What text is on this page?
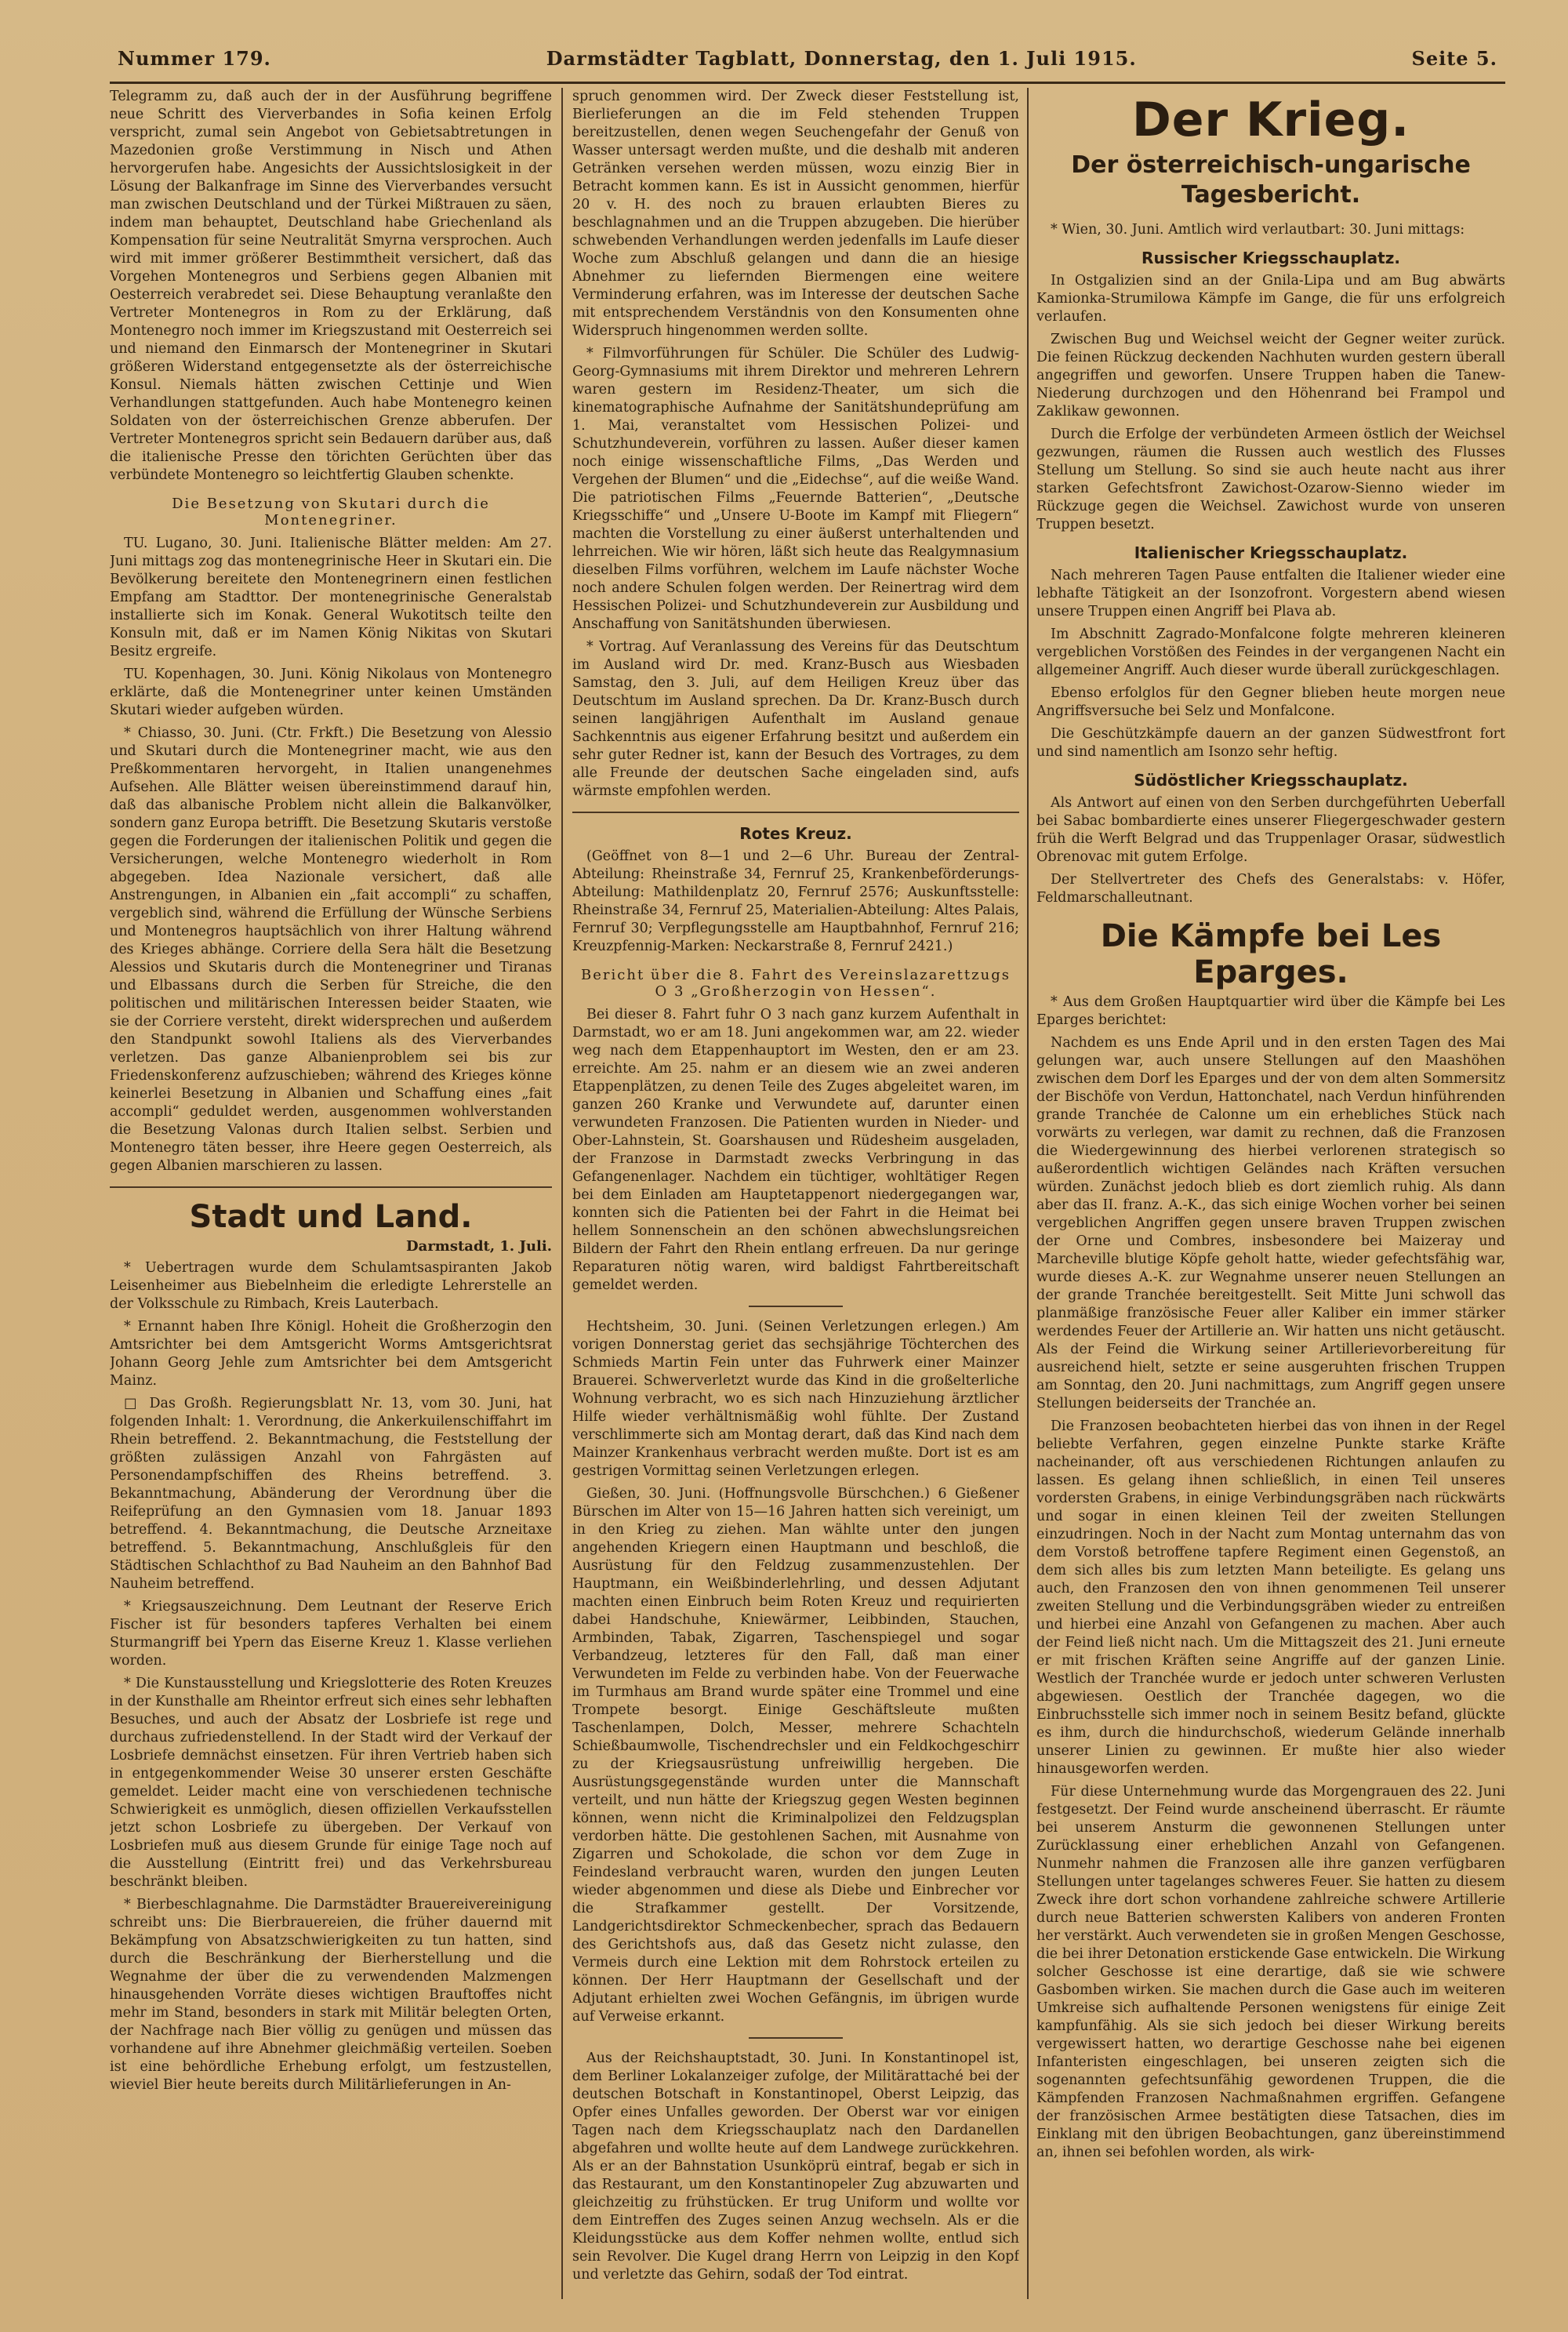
Nummer 179.	Darmstädter Tagblatt, Donnerstag, den 1. Juli 1915.	Seite 5.

Telegramm zu, daß auch der in der Ausführung begriffene neue Schritt des Vierverbandes in Sofia keinen Erfolg verspricht, zumal sein Angebot von Gebietsabtretungen in Mazedonien große Verstimmung in Nisch und Athen hervorgerufen habe. Angesichts der Aussichtslosigkeit in der Lösung der Balkanfrage im Sinne des Vierverbandes versucht man zwischen Deutschland und der Türkei Mißtrauen zu säen, indem man behauptet, Deutschland habe Griechenland als Kompensation für seine Neutralität Smyrna versprochen. Auch wird mit immer größerer Bestimmtheit versichert, daß das Vorgehen Montenegros und Serbiens gegen Albanien mit Oesterreich verabredet sei. Diese Behauptung veranlaßte den Vertreter Montenegros in Rom zu der Erklärung, daß Montenegro noch immer im Kriegszustand mit Oesterreich sei und niemand den Einmarsch der Montenegriner in Skutari größeren Widerstand entgegensetzte als der österreichische Konsul. Niemals hätten zwischen Cettinje und Wien Verhandlungen stattgefunden. Auch habe Montenegro keinen Soldaten von der österreichischen Grenze abberufen. Der Vertreter Montenegros spricht sein Bedauern darüber aus, daß die italienische Presse den törichten Gerüchten über das verbündete Montenegro so leichtfertig Glauben schenkte.

Die Besetzung von Skutari durch die Montenegriner.

TU. Lugano, 30. Juni. Italienische Blätter melden: Am 27. Juni mittags zog das montenegrinische Heer in Skutari ein. Die Bevölkerung bereitete den Montenegrinern einen festlichen Empfang am Stadttor. Der montenegrinische Generalstab installierte sich im Konak. General Wukotitsch teilte den Konsuln mit, daß er im Namen König Nikitas von Skutari Besitz ergreife.

TU. Kopenhagen, 30. Juni. König Nikolaus von Montenegro erklärte, daß die Montenegriner unter keinen Umständen Skutari wieder aufgeben würden.

* Chiasso, 30. Juni. (Ctr. Frkft.) Die Besetzung von Alessio und Skutari durch die Montenegriner macht, wie aus den Preßkommentaren hervorgeht, in Italien unangenehmes Aufsehen. Alle Blätter weisen übereinstimmend darauf hin, daß das albanische Problem nicht allein die Balkanvölker, sondern ganz Europa betrifft. Die Besetzung Skutaris verstoße gegen die Forderungen der italienischen Politik und gegen die Versicherungen, welche Montenegro wiederholt in Rom abgegeben. Idea Nazionale versichert, daß alle Anstrengungen, in Albanien ein „fait accompli“ zu schaffen, vergeblich sind, während die Erfüllung der Wünsche Serbiens und Montenegros hauptsächlich von ihrer Haltung während des Krieges abhänge. Corriere della Sera hält die Besetzung Alessios und Skutaris durch die Montenegriner und Tiranas und Elbassans durch die Serben für Streiche, die den politischen und militärischen Interessen beider Staaten, wie sie der Corriere versteht, direkt widersprechen und außerdem den Standpunkt sowohl Italiens als des Vierverbandes verletzen. Das ganze Albanienproblem sei bis zur Friedenskonferenz aufzuschieben; während des Krieges könne keinerlei Besetzung in Albanien und Schaffung eines „fait accompli“ geduldet werden, ausgenommen wohlverstanden die Besetzung Valonas durch Italien selbst. Serbien und Montenegro täten besser, ihre Heere gegen Oesterreich, als gegen Albanien marschieren zu lassen.

Stadt und Land.
Darmstadt, 1. Juli.

* Uebertragen wurde dem Schulamtsaspiranten Jakob Leisenheimer aus Biebelnheim die erledigte Lehrerstelle an der Volksschule zu Rimbach, Kreis Lauterbach.

* Ernannt haben Ihre Königl. Hoheit die Großherzogin den Amtsrichter bei dem Amtsgericht Worms Amtsgerichtsrat Johann Georg Jehle zum Amtsrichter bei dem Amtsgericht Mainz.

□ Das Großh. Regierungsblatt Nr. 13, vom 30. Juni, hat folgenden Inhalt: 1. Verordnung, die Ankerkuilenschiffahrt im Rhein betreffend. 2. Bekanntmachung, die Feststellung der größten zulässigen Anzahl von Fahrgästen auf Personendampfschiffen des Rheins betreffend. 3. Bekanntmachung, Abänderung der Verordnung über die Reifeprüfung an den Gymnasien vom 18. Januar 1893 betreffend. 4. Bekanntmachung, die Deutsche Arzneitaxe betreffend. 5. Bekanntmachung, Anschlußgleis für den Städtischen Schlachthof zu Bad Nauheim an den Bahnhof Bad Nauheim betreffend.

* Kriegsauszeichnung. Dem Leutnant der Reserve Erich Fischer ist für besonders tapferes Verhalten bei einem Sturmangriff bei Ypern das Eiserne Kreuz 1. Klasse verliehen worden.

* Die Kunstausstellung und Kriegslotterie des Roten Kreuzes in der Kunsthalle am Rheintor erfreut sich eines sehr lebhaften Besuches, und auch der Absatz der Losbriefe ist rege und durchaus zufriedenstellend. In der Stadt wird der Verkauf der Losbriefe demnächst einsetzen. Für ihren Vertrieb haben sich in entgegenkommender Weise 30 unserer ersten Geschäfte gemeldet. Leider macht eine von verschiedenen technische Schwierigkeit es unmöglich, diesen offiziellen Verkaufsstellen jetzt schon Losbriefe zu übergeben. Der Verkauf von Losbriefen muß aus diesem Grunde für einige Tage noch auf die Ausstellung (Eintritt frei) und das Verkehrsbureau beschränkt bleiben.

* Bierbeschlagnahme. Die Darmstädter Brauereivereinigung schreibt uns: Die Bierbrauereien, die früher dauernd mit Bekämpfung von Absatzschwierigkeiten zu tun hatten, sind durch die Beschränkung der Bierherstellung und die Wegnahme der über die zu verwendenden Malzmengen hinausgehenden Vorräte dieses wichtigen Brauftoffes nicht mehr im Stand, besonders in stark mit Militär belegten Orten, der Nachfrage nach Bier völlig zu genügen und müssen das vorhandene auf ihre Abnehmer gleichmäßig verteilen. Soeben ist eine behördliche Erhebung erfolgt, um festzustellen, wieviel Bier heute bereits durch Militärlieferungen in An-

spruch genommen wird. Der Zweck dieser Feststellung ist, Bierlieferungen an die im Feld stehenden Truppen bereitzustellen, denen wegen Seuchengefahr der Genuß von Wasser untersagt werden mußte, und die deshalb mit anderen Getränken versehen werden müssen, wozu einzig Bier in Betracht kommen kann. Es ist in Aussicht genommen, hierfür 20 v. H. des noch zu brauen erlaubten Bieres zu beschlagnahmen und an die Truppen abzugeben. Die hierüber schwebenden Verhandlungen werden jedenfalls im Laufe dieser Woche zum Abschluß gelangen und dann die an hiesige Abnehmer zu liefernden Biermengen eine weitere Verminderung erfahren, was im Interesse der deutschen Sache mit entsprechendem Verständnis von den Konsumenten ohne Widerspruch hingenommen werden sollte.

* Filmvorführungen für Schüler. Die Schüler des Ludwig-Georg-Gymnasiums mit ihrem Direktor und mehreren Lehrern waren gestern im Residenz-Theater, um sich die kinematographische Aufnahme der Sanitätshundeprüfung am 1. Mai, veranstaltet vom Hessischen Polizei- und Schutzhundeverein, vorführen zu lassen. Außer dieser kamen noch einige wissenschaftliche Films, „Das Werden und Vergehen der Blumen“ und die „Eidechse“, auf die weiße Wand. Die patriotischen Films „Feuernde Batterien“, „Deutsche Kriegsschiffe“ und „Unsere U-Boote im Kampf mit Fliegern“ machten die Vorstellung zu einer äußerst unterhaltenden und lehrreichen. Wie wir hören, läßt sich heute das Realgymnasium dieselben Films vorführen, welchem im Laufe nächster Woche noch andere Schulen folgen werden. Der Reinertrag wird dem Hessischen Polizei- und Schutzhundeverein zur Ausbildung und Anschaffung von Sanitätshunden überwiesen.

* Vortrag. Auf Veranlassung des Vereins für das Deutschtum im Ausland wird Dr. med. Kranz-Busch aus Wiesbaden Samstag, den 3. Juli, auf dem Heiligen Kreuz über das Deutschtum im Ausland sprechen. Da Dr. Kranz-Busch durch seinen langjährigen Aufenthalt im Ausland genaue Sachkenntnis aus eigener Erfahrung besitzt und außerdem ein sehr guter Redner ist, kann der Besuch des Vortrages, zu dem alle Freunde der deutschen Sache eingeladen sind, aufs wärmste empfohlen werden.

Rotes Kreuz.

(Geöffnet von 8—1 und 2—6 Uhr. Bureau der Zentral-Abteilung: Rheinstraße 34, Fernruf 25, Krankenbeförderungs-Abteilung: Mathildenplatz 20, Fernruf 2576; Auskunftsstelle: Rheinstraße 34, Fernruf 25, Materialien-Abteilung: Altes Palais, Fernruf 30; Verpflegungsstelle am Hauptbahnhof, Fernruf 216; Kreuzpfennig-Marken: Neckarstraße 8, Fernruf 2421.)

Bericht über die 8. Fahrt des Vereinslazarettzugs O 3 „Großherzogin von Hessen“.

Bei dieser 8. Fahrt fuhr O 3 nach ganz kurzem Aufenthalt in Darmstadt, wo er am 18. Juni angekommen war, am 22. wieder weg nach dem Etappenhauptort im Westen, den er am 23. erreichte. Am 25. nahm er an diesem wie an zwei anderen Etappenplätzen, zu denen Teile des Zuges abgeleitet waren, im ganzen 260 Kranke und Verwundete auf, darunter einen verwundeten Franzosen. Die Patienten wurden in Nieder- und Ober-Lahnstein, St. Goarshausen und Rüdesheim ausgeladen, der Franzose in Darmstadt zwecks Verbringung in das Gefangenenlager. Nachdem ein tüchtiger, wohltätiger Regen bei dem Einladen am Hauptetappenort niedergegangen war, konnten sich die Patienten bei der Fahrt in die Heimat bei hellem Sonnenschein an den schönen abwechslungsreichen Bildern der Fahrt den Rhein entlang erfreuen. Da nur geringe Reparaturen nötig waren, wird baldigst Fahrtbereitschaft gemeldet werden.

Hechtsheim, 30. Juni. (Seinen Verletzungen erlegen.) Am vorigen Donnerstag geriet das sechsjährige Töchterchen des Schmieds Martin Fein unter das Fuhrwerk einer Mainzer Brauerei. Schwerverletzt wurde das Kind in die großelterliche Wohnung verbracht, wo es sich nach Hinzuziehung ärztlicher Hilfe wieder verhältnismäßig wohl fühlte. Der Zustand verschlimmerte sich am Montag derart, daß das Kind nach dem Mainzer Krankenhaus verbracht werden mußte. Dort ist es am gestrigen Vormittag seinen Verletzungen erlegen.

Gießen, 30. Juni. (Hoffnungsvolle Bürschchen.) 6 Gießener Bürschen im Alter von 15—16 Jahren hatten sich vereinigt, um in den Krieg zu ziehen. Man wählte unter den jungen angehenden Kriegern einen Hauptmann und beschloß, die Ausrüstung für den Feldzug zusammenzustehlen. Der Hauptmann, ein Weißbinderlehrling, und dessen Adjutant machten einen Einbruch beim Roten Kreuz und requirierten dabei Handschuhe, Kniewärmer, Leibbinden, Stauchen, Armbinden, Tabak, Zigarren, Taschenspiegel und sogar Verbandzeug, letzteres für den Fall, daß man einer Verwundeten im Felde zu verbinden habe. Von der Feuerwache im Turmhaus am Brand wurde später eine Trommel und eine Trompete besorgt. Einige Geschäftsleute mußten Taschenlampen, Dolch, Messer, mehrere Schachteln Schießbaumwolle, Tischendrechsler und ein Feldkochgeschirr zu der Kriegsausrüstung unfreiwillig hergeben. Die Ausrüstungsgegenstände wurden unter die Mannschaft verteilt, und nun hätte der Kriegszug gegen Westen beginnen können, wenn nicht die Kriminalpolizei den Feldzugsplan verdorben hätte. Die gestohlenen Sachen, mit Ausnahme von Zigarren und Schokolade, die schon vor dem Zuge in Feindesland verbraucht waren, wurden den jungen Leuten wieder abgenommen und diese als Diebe und Einbrecher vor die Strafkammer gestellt. Der Vorsitzende, Landgerichtsdirektor Schmeckenbecher, sprach das Bedauern des Gerichtshofs aus, daß das Gesetz nicht zulasse, den Vermeis durch eine Lektion mit dem Rohrstock erteilen zu können. Der Herr Hauptmann der Gesellschaft und der Adjutant erhielten zwei Wochen Gefängnis, im übrigen wurde auf Verweise erkannt.

Aus der Reichshauptstadt, 30. Juni. In Konstantinopel ist, dem Berliner Lokalanzeiger zufolge, der Militärattaché bei der deutschen Botschaft in Konstantinopel, Oberst Leipzig, das Opfer eines Unfalles geworden. Der Oberst war vor einigen Tagen nach dem Kriegsschauplatz nach den Dardanellen abgefahren und wollte heute auf dem Landwege zurückkehren. Als er an der Bahnstation Usunköprü eintraf, begab er sich in das Restaurant, um den Konstantinopeler Zug abzuwarten und gleichzeitig zu frühstücken. Er trug Uniform und wollte vor dem Eintreffen des Zuges seinen Anzug wechseln. Als er die Kleidungsstücke aus dem Koffer nehmen wollte, entlud sich sein Revolver. Die Kugel drang Herrn von Leipzig in den Kopf und verletzte das Gehirn, sodaß der Tod eintrat.

Der Krieg.
Der österreichisch-ungarische Tagesbericht.

* Wien, 30. Juni. Amtlich wird verlautbart: 30. Juni mittags:

Russischer Kriegsschauplatz.

In Ostgalizien sind an der Gnila-Lipa und am Bug abwärts Kamionka-Strumilowa Kämpfe im Gange, die für uns erfolgreich verlaufen.

Zwischen Bug und Weichsel weicht der Gegner weiter zurück. Die feinen Rückzug deckenden Nachhuten wurden gestern überall angegriffen und geworfen. Unsere Truppen haben die Tanew-Niederung durchzogen und den Höhenrand bei Frampol und Zaklikaw gewonnen.

Durch die Erfolge der verbündeten Armeen östlich der Weichsel gezwungen, räumen die Russen auch westlich des Flusses Stellung um Stellung. So sind sie auch heute nacht aus ihrer starken Gefechtsfront Zawichost-Ozarow-Sienno wieder im Rückzuge gegen die Weichsel. Zawichost wurde von unseren Truppen besetzt.

Italienischer Kriegsschauplatz.

Nach mehreren Tagen Pause entfalten die Italiener wieder eine lebhafte Tätigkeit an der Isonzofront. Vorgestern abend wiesen unsere Truppen einen Angriff bei Plava ab.

Im Abschnitt Zagrado-Monfalcone folgte mehreren kleineren vergeblichen Vorstößen des Feindes in der vergangenen Nacht ein allgemeiner Angriff. Auch dieser wurde überall zurückgeschlagen.

Ebenso erfolglos für den Gegner blieben heute morgen neue Angriffsversuche bei Selz und Monfalcone.

Die Geschützkämpfe dauern an der ganzen Südwestfront fort und sind namentlich am Isonzo sehr heftig.

Südöstlicher Kriegsschauplatz.

Als Antwort auf einen von den Serben durchgeführten Ueberfall bei Sabac bombardierte eines unserer Fliegergeschwader gestern früh die Werft Belgrad und das Truppenlager Orasar, südwestlich Obrenovac mit gutem Erfolge.

Der Stellvertreter des Chefs des Generalstabs: v. Höfer, Feldmarschalleutnant.

Die Kämpfe bei Les Eparges.

* Aus dem Großen Hauptquartier wird über die Kämpfe bei Les Eparges berichtet:

Nachdem es uns Ende April und in den ersten Tagen des Mai gelungen war, auch unsere Stellungen auf den Maashöhen zwischen dem Dorf les Eparges und der von dem alten Sommersitz der Bischöfe von Verdun, Hattonchatel, nach Verdun hinführenden grande Tranchée de Calonne um ein erhebliches Stück nach vorwärts zu verlegen, war damit zu rechnen, daß die Franzosen die Wiedergewinnung des hierbei verlorenen strategisch so außerordentlich wichtigen Geländes nach Kräften versuchen würden. Zunächst jedoch blieb es dort ziemlich ruhig. Als dann aber das II. franz. A.-K., das sich einige Wochen vorher bei seinen vergeblichen Angriffen gegen unsere braven Truppen zwischen der Orne und Combres, insbesondere bei Maizeray und Marcheville blutige Köpfe geholt hatte, wieder gefechtsfähig war, wurde dieses A.-K. zur Wegnahme unserer neuen Stellungen an der grande Tranchée bereitgestellt. Seit Mitte Juni schwoll das planmäßige französische Feuer aller Kaliber ein immer stärker werdendes Feuer der Artillerie an. Wir hatten uns nicht getäuscht. Als der Feind die Wirkung seiner Artillerievorbereitung für ausreichend hielt, setzte er seine ausgeruhten frischen Truppen am Sonntag, den 20. Juni nachmittags, zum Angriff gegen unsere Stellungen beiderseits der Tranchée an.

Die Franzosen beobachteten hierbei das von ihnen in der Regel beliebte Verfahren, gegen einzelne Punkte starke Kräfte nacheinander, oft aus verschiedenen Richtungen anlaufen zu lassen. Es gelang ihnen schließlich, in einen Teil unseres vordersten Grabens, in einige Verbindungsgräben nach rückwärts und sogar in einen kleinen Teil der zweiten Stellungen einzudringen. Noch in der Nacht zum Montag unternahm das von dem Vorstoß betroffene tapfere Regiment einen Gegenstoß, an dem sich alles bis zum letzten Mann beteiligte. Es gelang uns auch, den Franzosen den von ihnen genommenen Teil unserer zweiten Stellung und die Verbindungsgräben wieder zu entreißen und hierbei eine Anzahl von Gefangenen zu machen. Aber auch der Feind ließ nicht nach. Um die Mittagszeit des 21. Juni erneute er mit frischen Kräften seine Angriffe auf der ganzen Linie. Westlich der Tranchée wurde er jedoch unter schweren Verlusten abgewiesen. Oestlich der Tranchée dagegen, wo die Einbruchsstelle sich immer noch in seinem Besitz befand, glückte es ihm, durch die hindurchschoß, wiederum Gelände innerhalb unserer Linien zu gewinnen. Er mußte hier also wieder hinausgeworfen werden.

Für diese Unternehmung wurde das Morgengrauen des 22. Juni festgesetzt. Der Feind wurde anscheinend überrascht. Er räumte bei unserem Ansturm die gewonnenen Stellungen unter Zurücklassung einer erheblichen Anzahl von Gefangenen. Nunmehr nahmen die Franzosen alle ihre ganzen verfügbaren Stellungen unter tagelanges schweres Feuer. Sie hatten zu diesem Zweck ihre dort schon vorhandene zahlreiche schwere Artillerie durch neue Batterien schwersten Kalibers von anderen Fronten her verstärkt. Auch verwendeten sie in großen Mengen Geschosse, die bei ihrer Detonation erstickende Gase entwickeln. Die Wirkung solcher Geschosse ist eine derartige, daß sie wie schwere Gasbomben wirken. Sie machen durch die Gase auch im weiteren Umkreise sich aufhaltende Personen wenigstens für einige Zeit kampfunfähig. Als sie sich jedoch bei dieser Wirkung bereits vergewissert hatten, wo derartige Geschosse nahe bei eigenen Infanteristen eingeschlagen, bei unseren zeigten sich die sogenannten gefechtsunfähig gewordenen Truppen, die die Kämpfenden Franzosen Nachmaßnahmen ergriffen. Gefangene der französischen Armee bestätigten diese Tatsachen, dies im Einklang mit den übrigen Beobachtungen, ganz übereinstimmend an, ihnen sei befohlen worden, als wirk-
